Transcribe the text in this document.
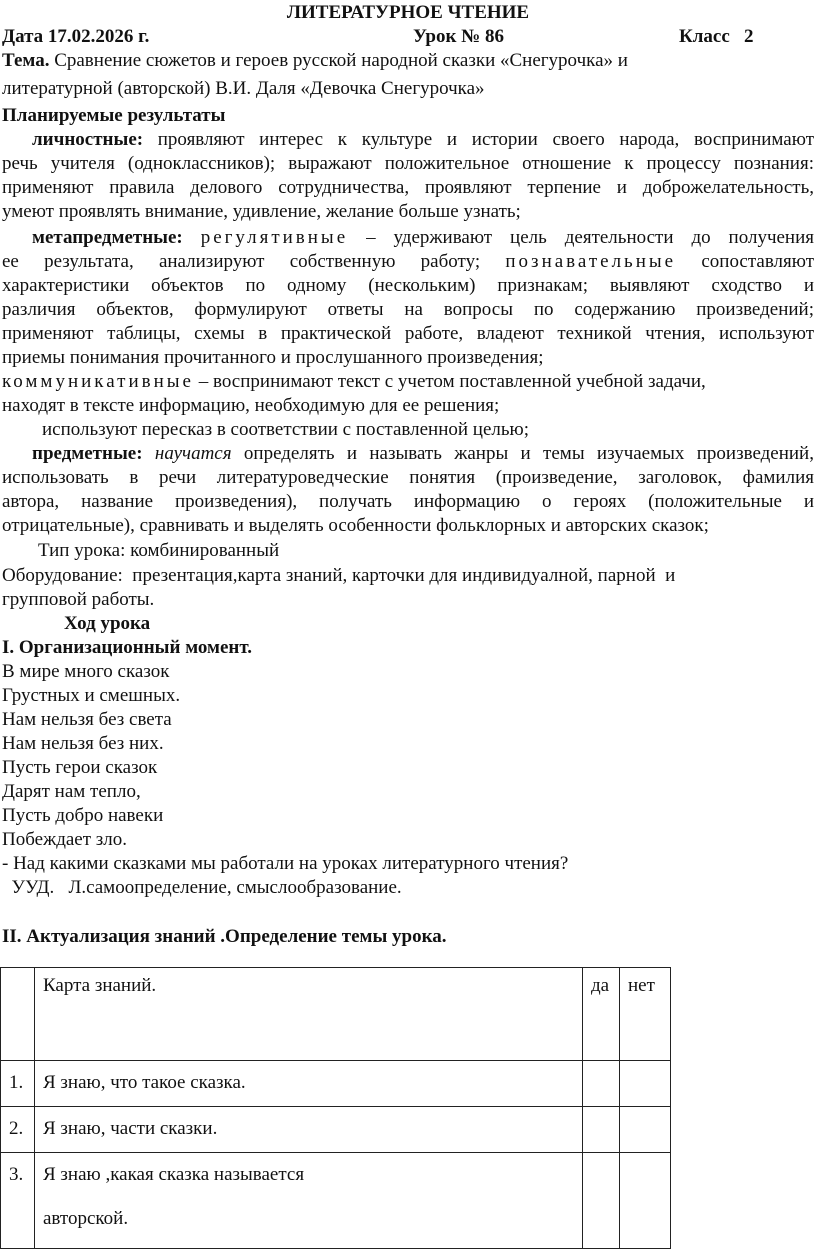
ЛИТЕРАТУРНОЕ ЧТЕНИЕ
Дата 17.02.2026 г.	Урок № 86	Класс   2
Тема. Сравнение сюжетов и героев русской народной сказки «Снегурочка» и
литературной (авторской) В.И. Даля «Девочка Снегурочка»
Планируемые результаты
личностные: проявляют интерес к культуре и истории своего народа, воспринимают
речь учителя (одноклассников); выражают положительное отношение к процессу познания:
применяют правила делового сотрудничества, проявляют терпение и доброжелательность,
умеют проявлять внимание, удивление, желание больше узнать;
метапредметные: регулятивные – удерживают цель деятельности до получения
ее результата, анализируют собственную работу; познавательные сопоставляют
характеристики объектов по одному (нескольким) признакам; выявляют сходство и
различия объектов, формулируют ответы на вопросы по содержанию произведений;
применяют таблицы, схемы в практической работе, владеют техникой чтения, используют
приемы понимания прочитанного и прослушанного произведения;
коммуникативные – воспринимают текст с учетом поставленной учебной задачи,
находят в тексте информацию, необходимую для ее решения;
используют пересказ в соответствии с поставленной целью;
предметные: научатся определять и называть жанры и темы изучаемых произведений,
использовать в речи литературоведческие понятия (произведение, заголовок, фамилия
автора, название произведения), получать информацию о героях (положительные и
отрицательные), сравнивать и выделять особенности фольклорных и авторских сказок;
Тип урока: комбинированный
Оборудование:  презентация,карта знаний, карточки для индивидуалной, парной  и
групповой работы.
Ход урока
I. Организационный момент.
В мире много сказок
Грустных и смешных.
Нам нельзя без света
Нам нельзя без них.
Пусть герои сказок
Дарят нам тепло,
Пусть добро навеки
Побеждает зло.
- Над какими сказками мы работали на уроках литературного чтения?
УУД.   Л.самоопределение, смыслообразование.
II. Актуализация знаний .Определение темы урока.
	Карта знаний.	да	нет
1.	Я знаю, что такое сказка.		
2.	Я знаю, части сказки.		
3.	Я знаю ,какая сказка называется
авторской.		
